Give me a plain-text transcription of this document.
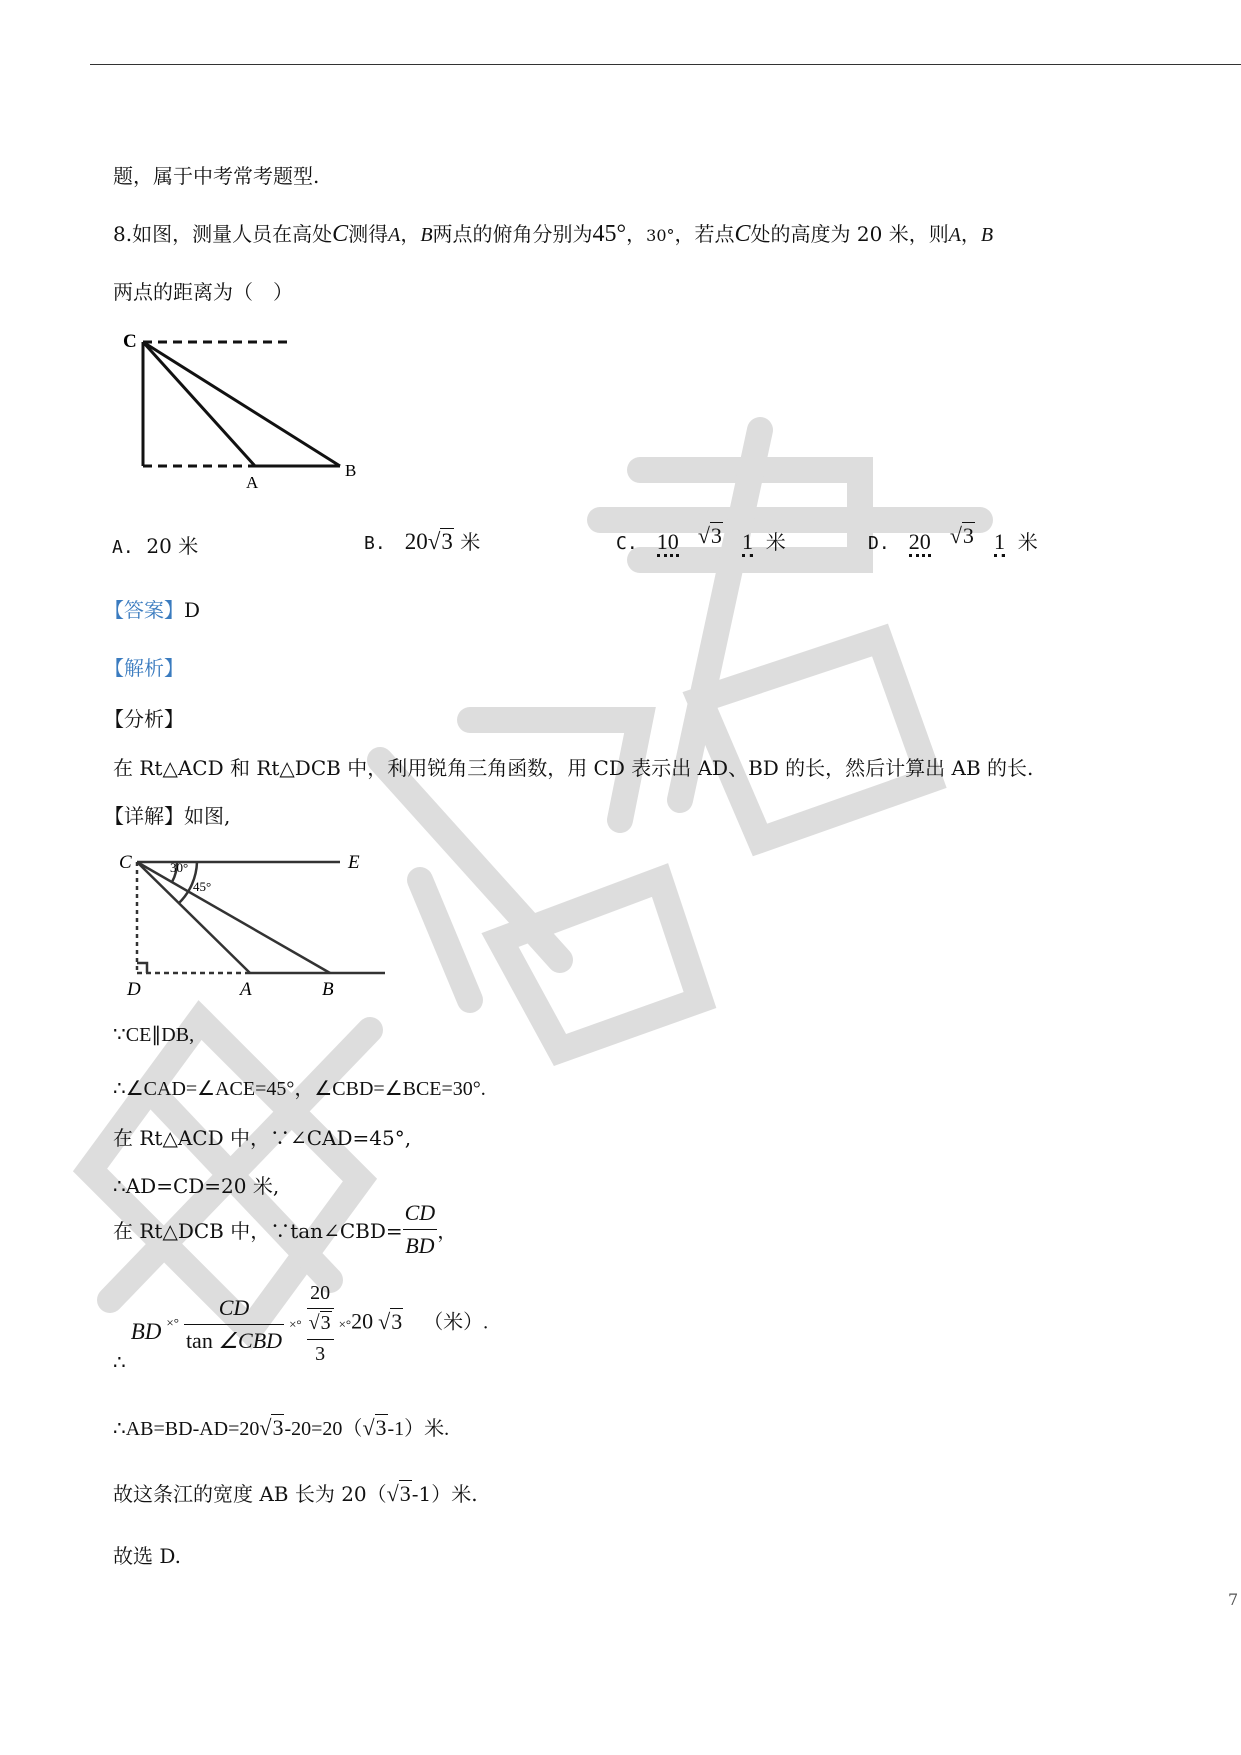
7
题，属于中考常考题型.
8.如图，测量人员在高处C测得A，B两点的俯角分别为45°，30°，若点C处的高度为 20 米，则A，B
两点的距离为（　）
C
A
B
A. 20 米	B. 20√3 米	C. 10 √3 1 米	D. 20 √3 1 米
【答案】D
【解析】
【分析】
在 Rt△ACD 和 Rt△DCB 中，利用锐角三角函数，用 CD 表示出 AD、BD 的长，然后计算出 AB 的长.
【详解】如图,
C	E
D	A	B
30°
45°
∵CE∥DB,
∴∠CAD=∠ACE=45°，∠CBD=∠BCE=30°.
在 Rt△ACD 中，∵∠CAD=45°,
∴AD=CD=20 米,
在 Rt△DCB 中，∵tan∠CBD= $\frac{CD}{BD}$ ，
∴ BD ×° $\frac{CD}{\text{tan ∠CBD}}$ ×°
20
√3
3
×°20 √3 （米）.
∴AB=BD-AD=20√3-20=20（√3-1）米.
故这条江的宽度 AB 长为 20（√3-1）米.
故选 D.
